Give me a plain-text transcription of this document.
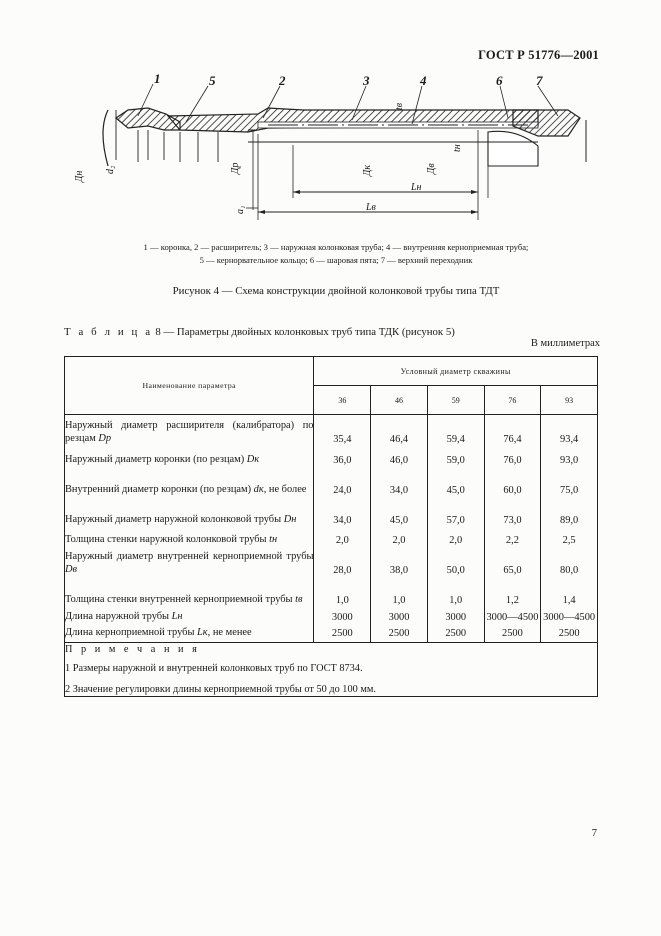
ГОСТ Р 51776—2001
1	5	2	3	4	6	7
Дн
d₂	Дp	Дк	Дв
tв
tн
Lн
Lв
а₁
1 — коронка, 2 — расширитель; 3 — наружная колонковая труба; 4 — внутренняя керноприемная труба;
5 — кернорвательное кольцо; 6 — шаровая пята; 7 — верхний переходник
Рисунок 4 — Схема конструкции двойной колонковой трубы типа ТДТ
Т а б л и ц а 8 — Параметры двойных колонковых труб типа ТДК (рисунок 5)
В миллиметрах
Наименование параметра	Условный диаметр скважины				
	36	46	59	76	93
Наружный диаметр расширителя (калибратора) по резцам Dр	35,4	46,4	59,4	76,4	93,4
Наружный диаметр коронки (по резцам) Dк	36,0	46,0	59,0	76,0	93,0
Внутренний диаметр коронки (по резцам) dк, не более	24,0	34,0	45,0	60,0	75,0
Наружный диаметр наружной колонковой трубы Dн	34,0	45,0	57,0	73,0	89,0
Толщина стенки наружной колонковой трубы tн	2,0	2,0	2,0	2,2	2,5
Наружный диаметр внутренней керноприемной трубы Dв	28,0	38,0	50,0	65,0	80,0
Толщина стенки внутренней керноприемной трубы tв	1,0	1,0	1,0	1,2	1,4
Длина наружной трубы Lн	3000	3000	3000	3000—4500	3000—4500
Длина керноприемной трубы Lк, не менее	2500	2500	2500	2500	2500

П р и м е ч а н и я
1 Размеры наружной и внутренней колонковых труб по ГОСТ 8734.
2 Значение регулировки длины керноприемной трубы от 50 до 100 мм.					
7
